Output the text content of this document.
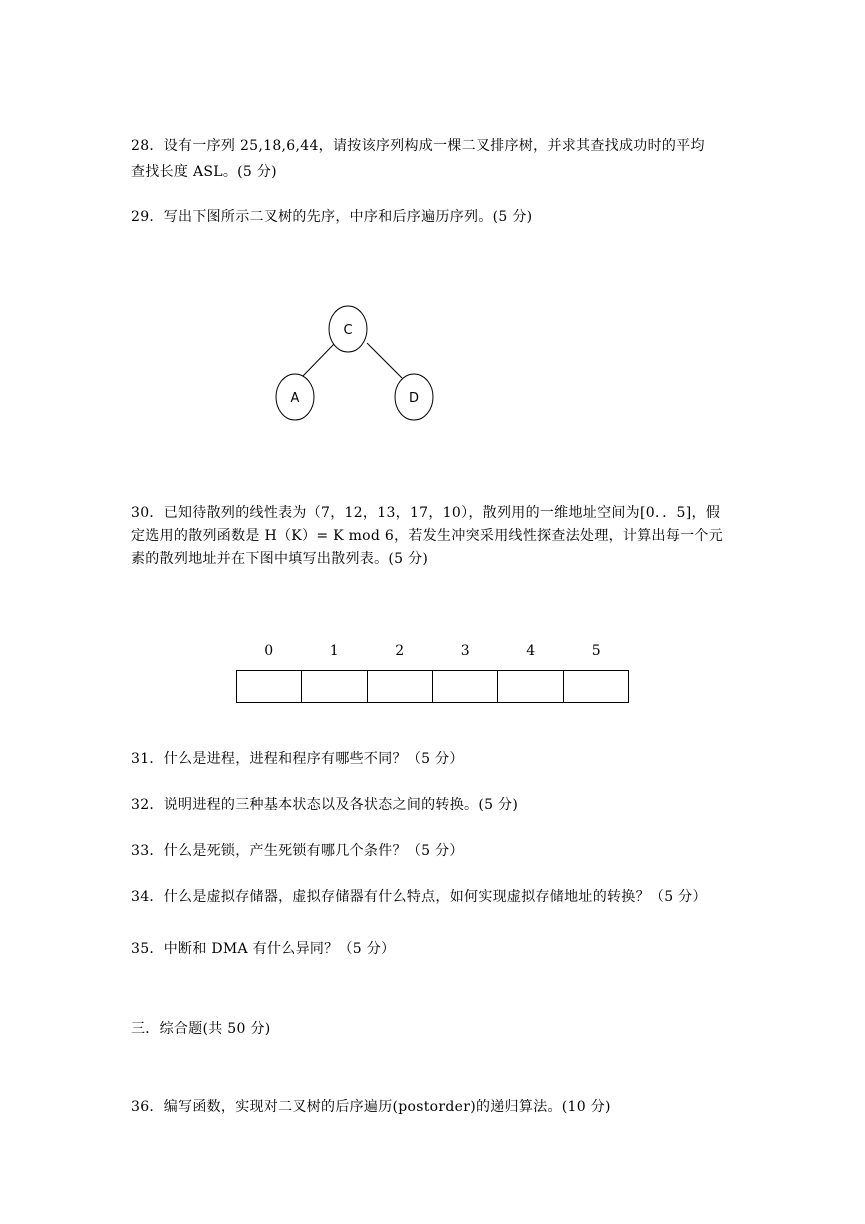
28．设有一序列 25,18,6,44，请按该序列构成一棵二叉排序树，并求其查找成功时的平均
查找长度 ASL。(5 分)
29．写出下图所示二叉树的先序，中序和后序遍历序列。(5 分)
C
A	D
30．已知待散列的线性表为（7，12，13，17，10），散列用的一维地址空间为[0．．5]，假
定选用的散列函数是 H（K）= K mod 6，若发生冲突采用线性探查法处理，计算出每一个元
素的散列地址并在下图中填写出散列表。(5 分)
0	1	2	3	4	5
31．什么是进程，进程和程序有哪些不同？（5 分）
32．说明进程的三种基本状态以及各状态之间的转换。(5 分)
33．什么是死锁，产生死锁有哪几个条件？（5 分）
34．什么是虚拟存储器，虚拟存储器有什么特点，如何实现虚拟存储地址的转换？（5 分）
35．中断和 DMA 有什么异同？（5 分）
三．综合题(共 50 分)
36．编写函数，实现对二叉树的后序遍历(postorder)的递归算法。(10 分)
